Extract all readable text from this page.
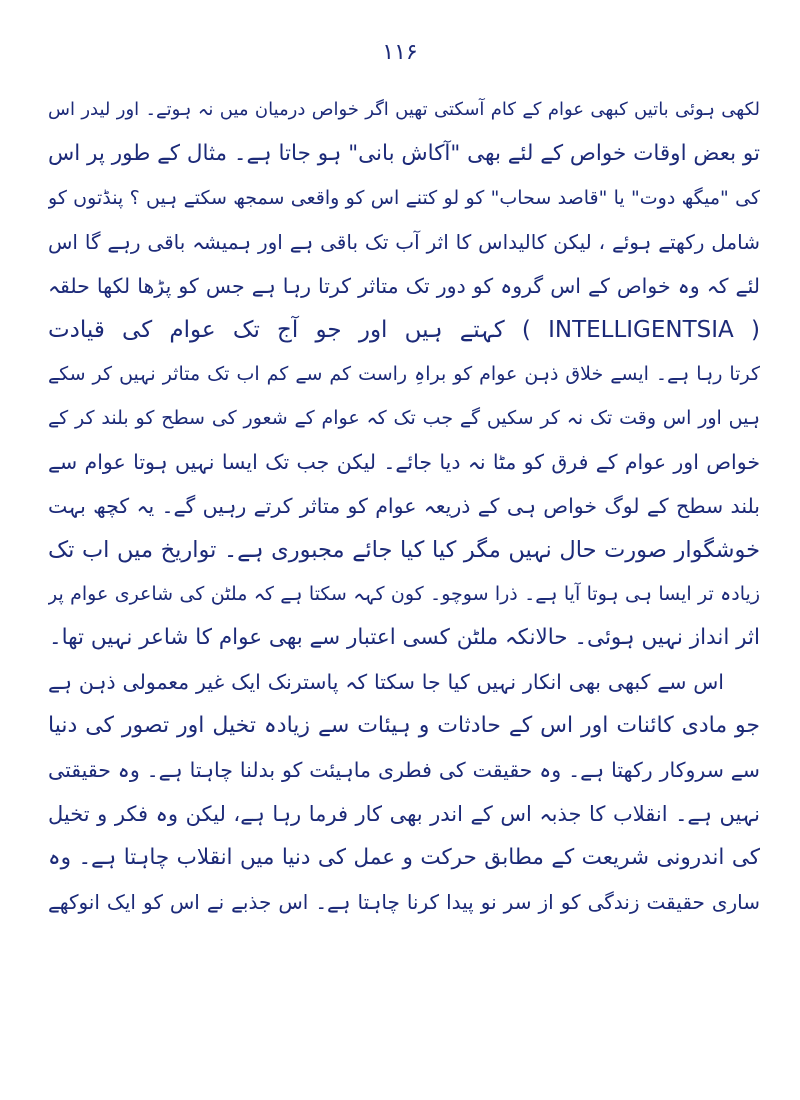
۱۱۶
لکھی ہوئی باتیں کبھی عوام کے کام آسکتی تھیں اگر خواص درمیان میں نہ ہوتے۔ اور لیدر اس
تو بعض اوقات خواص کے لئے بھی "آکاش بانی" ہو جاتا ہے۔ مثال کے طور پر اس
کی "میگھ دوت" یا "قاصد سحاب" کو لو کتنے اس کو واقعی سمجھ سکتے ہیں ؟ پنڈتوں کو
شامل رکھتے ہوئے ، لیکن کالیداس کا اثر آب تک باقی ہے اور ہمیشہ باقی رہے گا اس
لئے کہ وہ خواص کے اس گروہ کو دور تک متاثر کرتا رہا ہے جس کو پڑھا لکھا حلقہ
( INTELLIGENTSIA ) کہتے ہیں اور جو آج تک عوام کی قیادت
کرتا رہا ہے۔ ایسے خلاق ذہن عوام کو براہِ راست کم سے کم اب تک متاثر نہیں کر سکے
ہیں اور اس وقت تک نہ کر سکیں گے جب تک کہ عوام کے شعور کی سطح کو بلند کر کے
خواص اور عوام کے فرق کو مٹا نہ دیا جائے۔ لیکن جب تک ایسا نہیں ہوتا عوام سے
بلند سطح کے لوگ خواص ہی کے ذریعہ عوام کو متاثر کرتے رہیں گے۔ یہ کچھ بہت
خوشگوار صورت حال نہیں مگر کیا کیا جائے مجبوری ہے۔ تواریخ میں اب تک
زیادہ تر ایسا ہی ہوتا آیا ہے۔ ذرا سوچو۔ کون کہہ سکتا ہے کہ ملٹن کی شاعری عوام پر
اثر انداز نہیں ہوئی۔ حالانکہ ملٹن کسی اعتبار سے بھی عوام کا شاعر نہیں تھا۔
اس سے کبھی بھی انکار نہیں کیا جا سکتا کہ پاسترنک ایک غیر معمولی ذہن ہے
جو مادی کائنات اور اس کے حادثات و ہیئات سے زیادہ تخیل اور تصور کی دنیا
سے سروکار رکھتا ہے۔ وہ حقیقت کی فطری ماہیئت کو بدلنا چاہتا ہے۔ وہ حقیقتی
نہیں ہے۔ انقلاب کا جذبہ اس کے اندر بھی کار فرما رہا ہے، لیکن وہ فکر و تخیل
کی اندرونی شریعت کے مطابق حرکت و عمل کی دنیا میں انقلاب چاہتا ہے۔ وہ
ساری حقیقت زندگی کو از سر نو پیدا کرنا چاہتا ہے۔ اس جذبے نے اس کو ایک انوکھے
